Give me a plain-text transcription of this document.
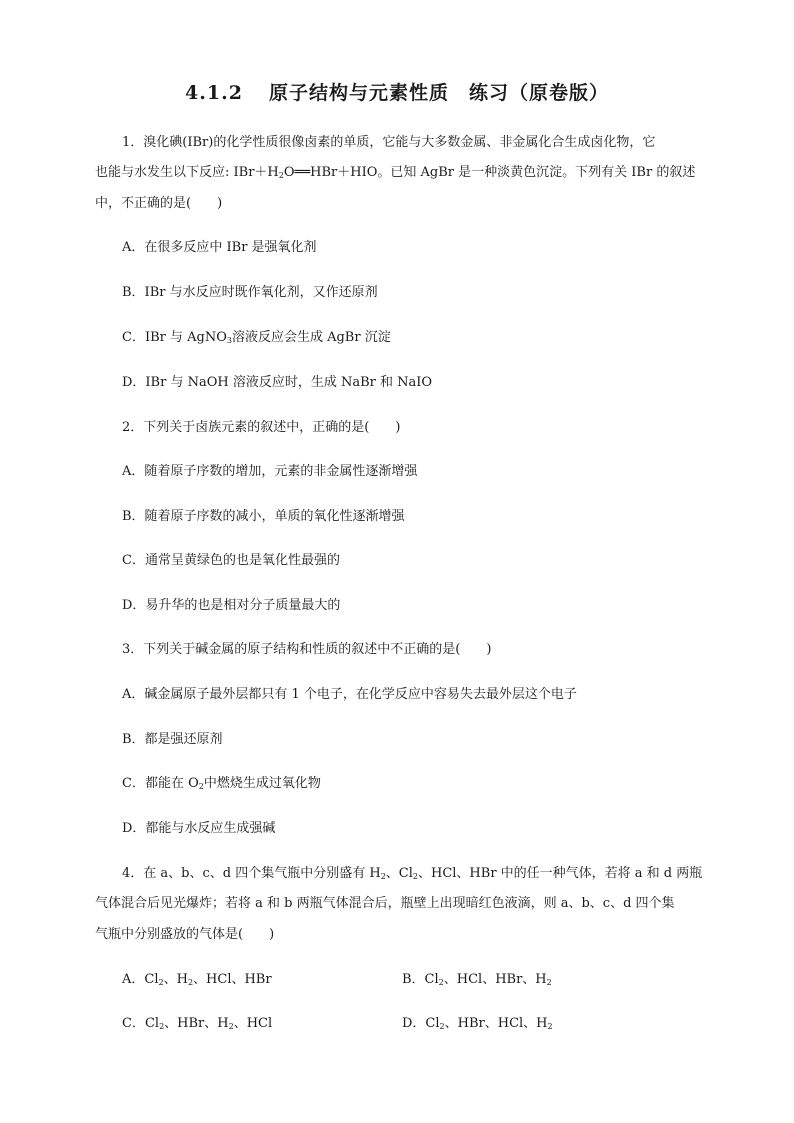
4.1.2 原子结构与元素性质　练习（原卷版）
1．溴化碘(IBr)的化学性质很像卤素的单质，它能与大多数金属、非金属化合生成卤化物，它
也能与水发生以下反应: $IBr+H_2O══HBr+HIO$。已知 AgBr 是一种淡黄色沉淀。下列有关 IBr 的叙述
中，不正确的是(　　)
A．在很多反应中 IBr 是强氧化剂
B．IBr 与水反应时既作氧化剂，又作还原剂
C．IBr 与 AgNO$_3$溶液反应会生成 AgBr 沉淀
D．IBr 与 NaOH 溶液反应时，生成 NaBr 和 NaIO
2．下列关于卤族元素的叙述中，正确的是(　　)
A．随着原子序数的增加，元素的非金属性逐渐增强
B．随着原子序数的减小，单质的氧化性逐渐增强
C．通常呈黄绿色的也是氧化性最强的
D．易升华的也是相对分子质量最大的
3．下列关于碱金属的原子结构和性质的叙述中不正确的是(　　)
A．碱金属原子最外层都只有 1 个电子，在化学反应中容易失去最外层这个电子
B．都是强还原剂
C．都能在 $O_2$中燃烧生成过氧化物
D．都能与水反应生成强碱
4．在 a、b、c、d 四个集气瓶中分别盛有 $H_2$、$Cl_2$、HCl、HBr 中的任一种气体，若将 a 和 d 两瓶
气体混合后见光爆炸；若将 a 和 b 两瓶气体混合后，瓶壁上出现暗红色液滴，则 a、b、c、d 四个集
气瓶中分别盛放的气体是(　　)
A．$Cl_2$、$H_2$、HCl、HBr	B．$Cl_2$、HCl、HBr、$H_2$
C．$Cl_2$、HBr、$H_2$、HCl	D．$Cl_2$、HBr、HCl、$H_2$
